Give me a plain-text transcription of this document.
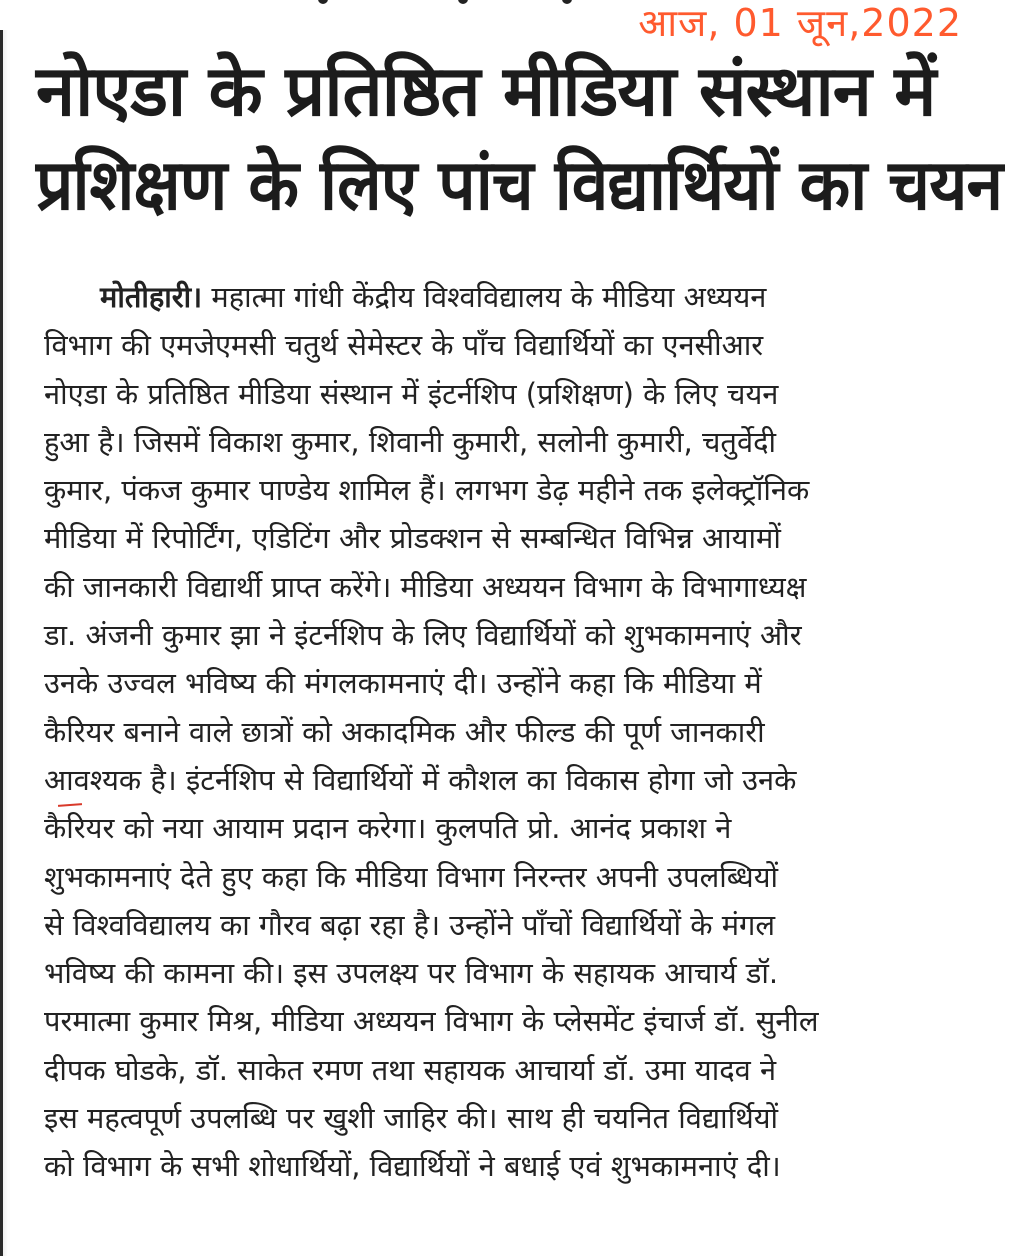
आज, 01 जून,2022
नोएडा के प्रतिष्ठित मीडिया संस्थान में
प्रशिक्षण के लिए पांच विद्यार्थियों का चयन
मोतीहारी। महात्मा गांधी केंद्रीय विश्वविद्यालय के मीडिया अध्ययन
विभाग की एमजेएमसी चतुर्थ सेमेस्टर के पाँच विद्यार्थियों का एनसीआर
नोएडा के प्रतिष्ठित मीडिया संस्थान में इंटर्नशिप (प्रशिक्षण) के लिए चयन
हुआ है। जिसमें विकाश कुमार, शिवानी कुमारी, सलोनी कुमारी, चतुर्वेदी
कुमार, पंकज कुमार पाण्डेय शामिल हैं। लगभग डेढ़ महीने तक इलेक्ट्रॉनिक
मीडिया में रिपोर्टिंग, एडिटिंग और प्रोडक्शन से सम्बन्धित विभिन्न आयामों
की जानकारी विद्यार्थी प्राप्त करेंगे। मीडिया अध्ययन विभाग के विभागाध्यक्ष
डा. अंजनी कुमार झा ने इंटर्नशिप के लिए विद्यार्थियों को शुभकामनाएं और
उनके उज्वल भविष्य की मंगलकामनाएं दी। उन्होंने कहा कि मीडिया में
कैरियर बनाने वाले छात्रों को अकादमिक और फील्ड की पूर्ण जानकारी
आवश्यक है। इंटर्नशिप से विद्यार्थियों में कौशल का विकास होगा जो उनके
कैरियर को नया आयाम प्रदान करेगा। कुलपति प्रो. आनंद प्रकाश ने
शुभकामनाएं देते हुए कहा कि मीडिया विभाग निरन्तर अपनी उपलब्धियों
से विश्वविद्यालय का गौरव बढ़ा रहा है। उन्होंने पाँचों विद्यार्थियों के मंगल
भविष्य की कामना की। इस उपलक्ष्य पर विभाग के सहायक आचार्य डॉ.
परमात्मा कुमार मिश्र, मीडिया अध्ययन विभाग के प्लेसमेंट इंचार्ज डॉ. सुनील
दीपक घोडके, डॉ. साकेत रमण तथा सहायक आचार्या डॉ. उमा यादव ने
इस महत्वपूर्ण उपलब्धि पर खुशी जाहिर की। साथ ही चयनित विद्यार्थियों
को विभाग के सभी शोधार्थियों, विद्यार्थियों ने बधाई एवं शुभकामनाएं दी।
